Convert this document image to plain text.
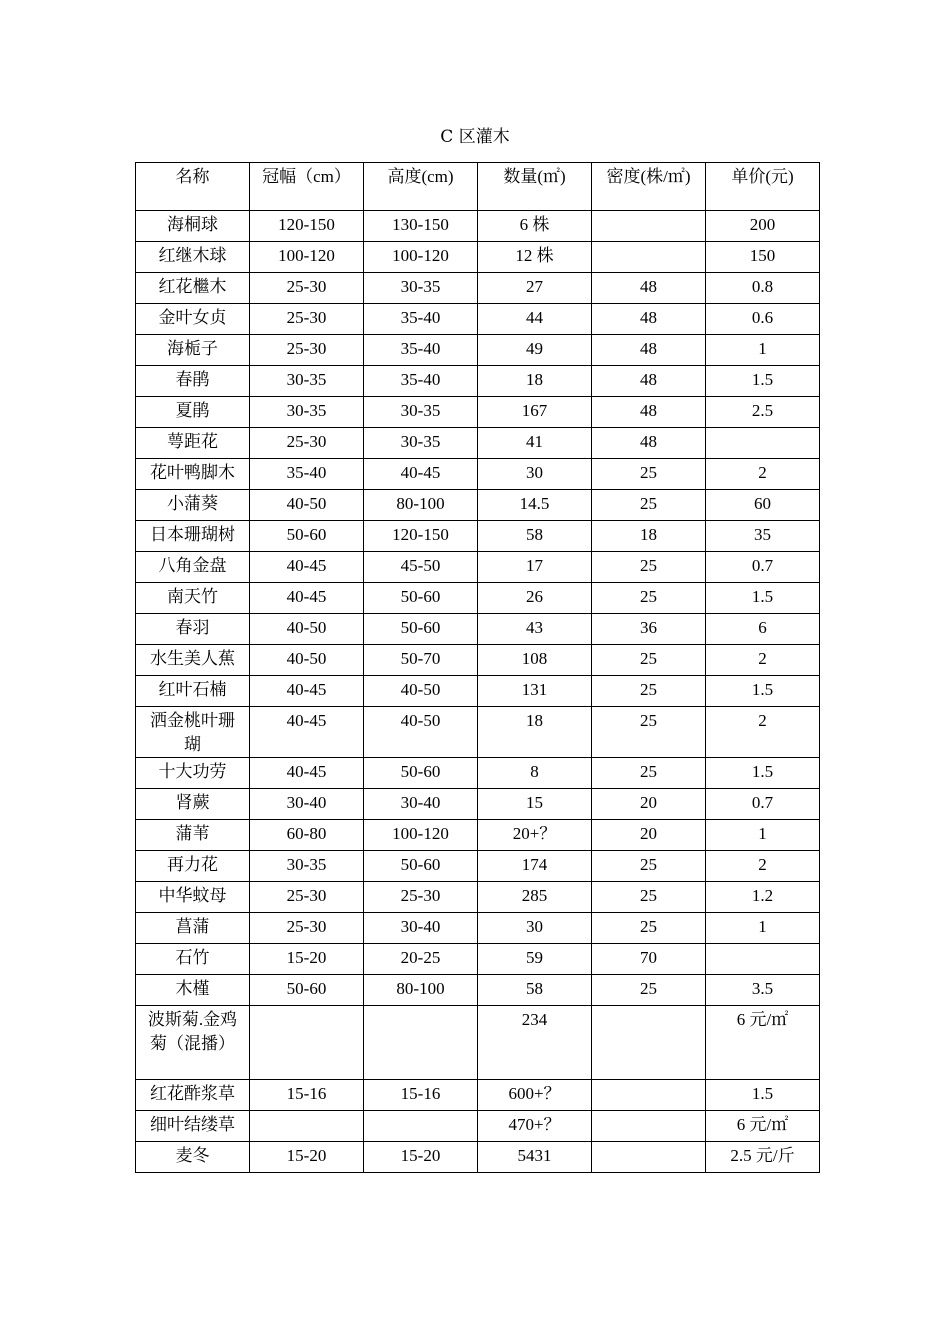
C 区灌木
名称	冠幅（cm）	高度(cm)	数量(㎡)	密度(株/㎡)	单价(元)
海桐球	120-150	130-150	6 株		200
红继木球	100-120	100-120	12 株		150
红花檵木	25-30	30-35	27	48	0.8
金叶女贞	25-30	35-40	44	48	0.6
海栀子	25-30	35-40	49	48	1
春鹃	30-35	35-40	18	48	1.5
夏鹃	30-35	30-35	167	48	2.5
萼距花	25-30	30-35	41	48	
花叶鸭脚木	35-40	40-45	30	25	2
小蒲葵	40-50	80-100	14.5	25	60
日本珊瑚树	50-60	120-150	58	18	35
八角金盘	40-45	45-50	17	25	0.7
南天竹	40-45	50-60	26	25	1.5
春羽	40-50	50-60	43	36	6
水生美人蕉	40-50	50-70	108	25	2
红叶石楠	40-45	40-50	131	25	1.5
洒金桃叶珊瑚	40-45	40-50	18	25	2
十大功劳	40-45	50-60	8	25	1.5
肾蕨	30-40	30-40	15	20	0.7
蒲苇	60-80	100-120	20+？	20	1
再力花	30-35	50-60	174	25	2
中华蚊母	25-30	25-30	285	25	1.2
菖蒲	25-30	30-40	30	25	1
石竹	15-20	20-25	59	70	
木槿	50-60	80-100	58	25	3.5
波斯菊.金鸡菊（混播）			234		6 元/㎡
红花酢浆草	15-16	15-16	600+？		1.5
细叶结缕草			470+？		6 元/㎡
麦冬	15-20	15-20	5431		2.5 元/斤
